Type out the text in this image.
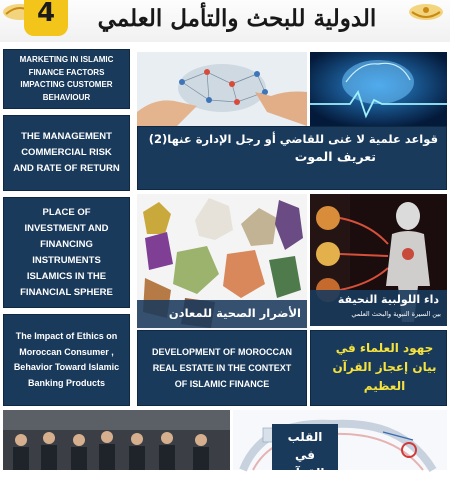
4	الدولية للبحث والتأمل العلمي
MARKETING IN ISLAMIC FINANCE FACTORS IMPACTING CUSTOMER BEHAVIOUR
THE MANAGEMENT COMMERCIAL RISK AND RATE OF RETURN
PLACE OF INVESTMENT AND FINANCING INSTRUMENTS ISLAMICS IN THE FINANCIAL SPHERE
The Impact of Ethics on Moroccan Consumer , Behavior Toward Islamic Banking Products
قواعد علمية لا غنى للقاضي أو رجل الإدارة عنها(2)
تعريف الموت
الأضرار الصحية للمعادن
DEVELOPMENT OF MOROCCAN REAL ESTATE IN THE CONTEXT OF ISLAMIC FINANCE
داء اللولبية النحيفة
بين السيرة النبوية والبحث العلمي
جهود العلماء في بيان إعجاز القرآن العظيم
القلب في القرآن
